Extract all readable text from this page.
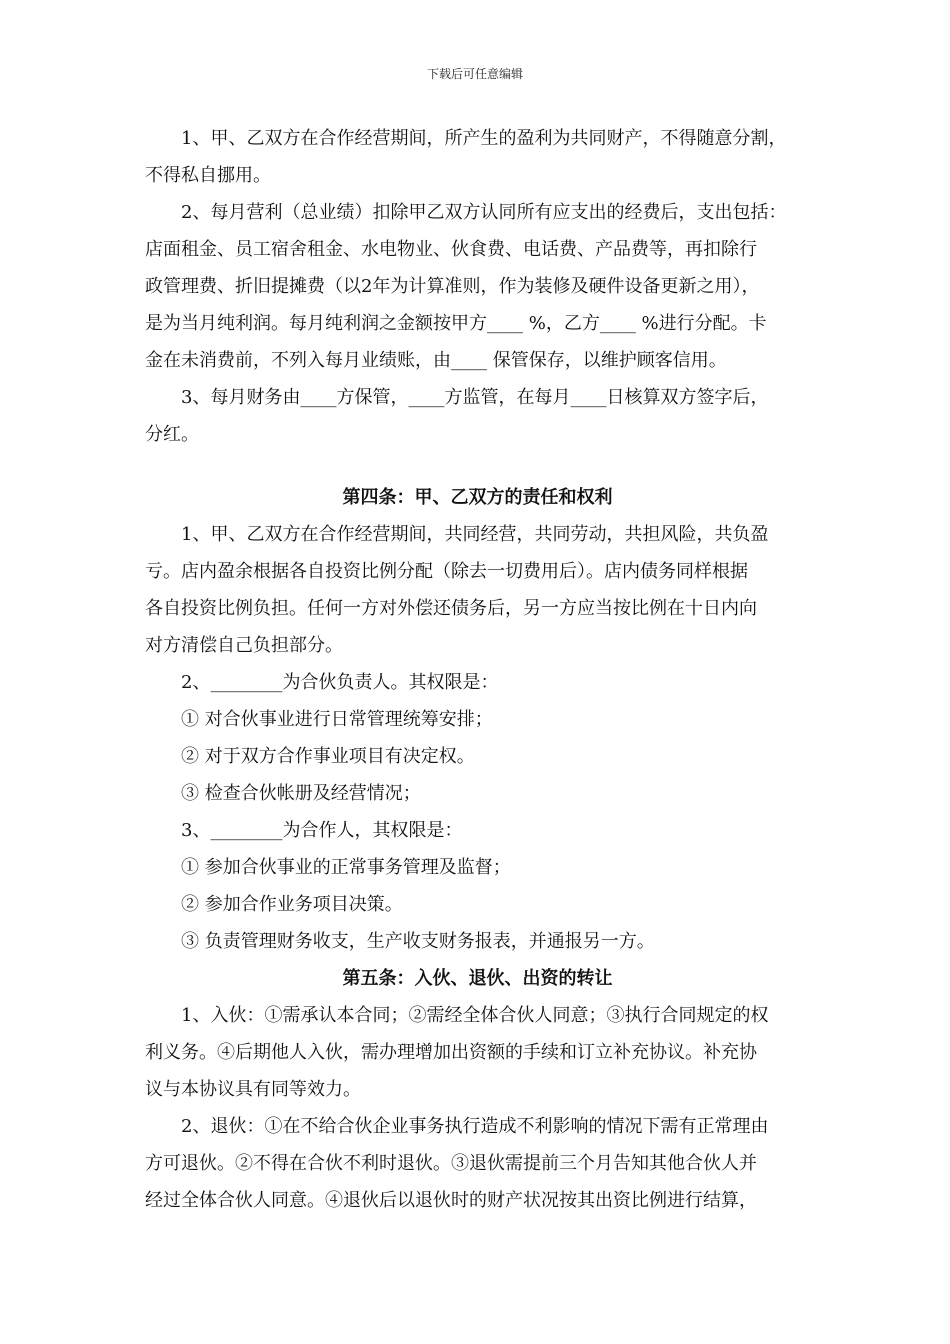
下载后可任意编辑
　　1、甲、乙双方在合作经营期间，所产生的盈利为共同财产，不得随意分割，
不得私自挪用。
　　2、每月营利（总业绩）扣除甲乙双方认同所有应支出的经费后，支出包括：
店面租金、员工宿舍租金、水电物业、伙食费、电话费、产品费等，再扣除行
政管理费、折旧提摊费（以2年为计算准则，作为装修及硬件设备更新之用），
是为当月纯利润。每月纯利润之金额按甲方____ %，乙方____ %进行分配。卡
金在未消费前，不列入每月业绩账，由____ 保管保存，以维护顾客信用。
　　3、每月财务由____方保管，____方监管，在每月____日核算双方签字后，
分红。
第四条：甲、乙双方的责任和权利
　　1、甲、乙双方在合作经营期间，共同经营，共同劳动，共担风险，共负盈
亏。店内盈余根据各自投资比例分配（除去一切费用后）。店内债务同样根据
各自投资比例负担。任何一方对外偿还债务后，另一方应当按比例在十日内向
对方清偿自己负担部分。
　　2、________为合伙负责人。其权限是：
　　① 对合伙事业进行日常管理统筹安排；
　　② 对于双方合作事业项目有决定权。
　　③ 检查合伙帐册及经营情况；
　　3、________为合作人，其权限是：
　　① 参加合伙事业的正常事务管理及监督；
　　② 参加合作业务项目决策。
　　③ 负责管理财务收支，生产收支财务报表，并通报另一方。
第五条：入伙、退伙、出资的转让
　　1、入伙：①需承认本合同；②需经全体合伙人同意；③执行合同规定的权
利义务。④后期他人入伙，需办理增加出资额的手续和订立补充协议。补充协
议与本协议具有同等效力。
　　2、退伙：①在不给合伙企业事务执行造成不利影响的情况下需有正常理由
方可退伙。②不得在合伙不利时退伙。③退伙需提前三个月告知其他合伙人并
经过全体合伙人同意。④退伙后以退伙时的财产状况按其出资比例进行结算，
